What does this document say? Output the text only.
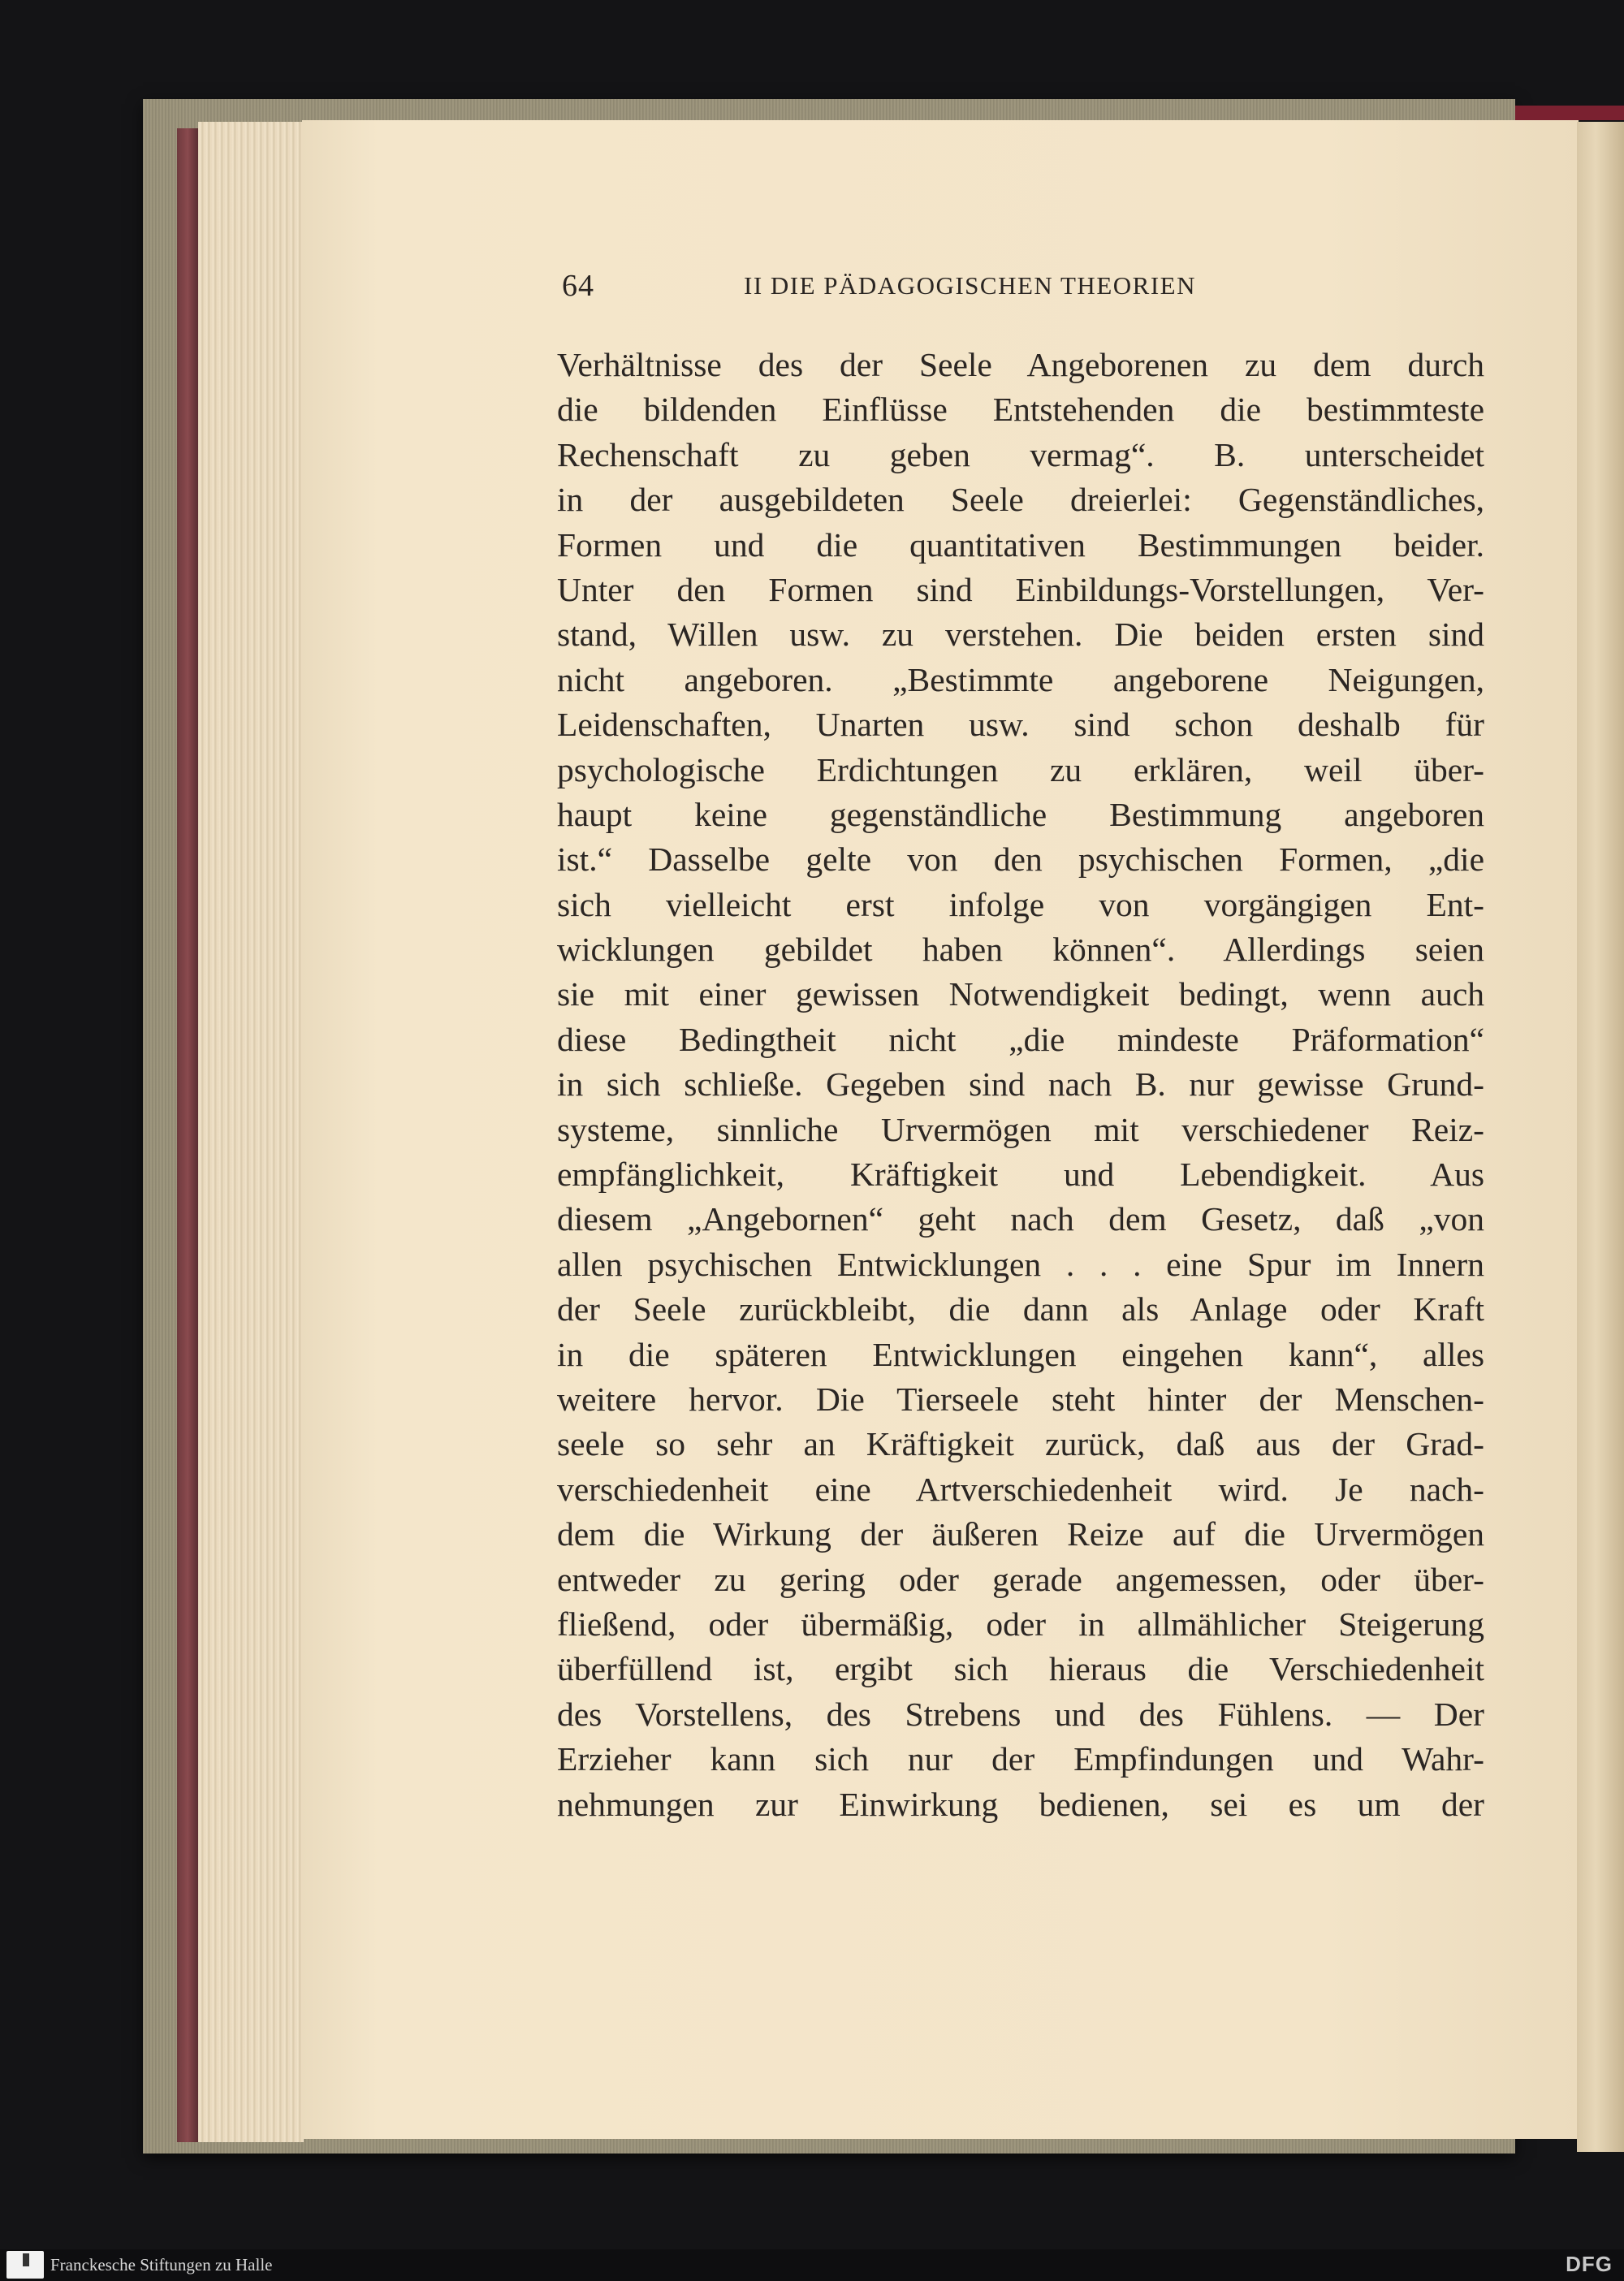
64	II DIE PÄDAGOGISCHEN THEORIEN
Verhältnisse des der Seele Angeborenen zu dem durch
die bildenden Einflüsse Entstehenden die bestimmteste
Rechenschaft zu geben vermag“. B. unterscheidet
in der ausgebildeten Seele dreierlei: Gegenständliches,
Formen und die quantitativen Bestimmungen beider.
Unter den Formen sind Einbildungs-Vorstellungen, Ver-
stand, Willen usw. zu verstehen. Die beiden ersten sind
nicht angeboren. „Bestimmte angeborene Neigungen,
Leidenschaften, Unarten usw. sind schon deshalb für
psychologische Erdichtungen zu erklären, weil über-
haupt keine gegenständliche Bestimmung angeboren
ist.“ Dasselbe gelte von den psychischen Formen, „die
sich vielleicht erst infolge von vorgängigen Ent-
wicklungen gebildet haben können“. Allerdings seien
sie mit einer gewissen Notwendigkeit bedingt, wenn auch
diese Bedingtheit nicht „die mindeste Präformation“
in sich schließe. Gegeben sind nach B. nur gewisse Grund-
systeme, sinnliche Urvermögen mit verschiedener Reiz-
empfänglichkeit, Kräftigkeit und Lebendigkeit. Aus
diesem „Angebornen“ geht nach dem Gesetz, daß „von
allen psychischen Entwicklungen . . . eine Spur im Innern
der Seele zurückbleibt, die dann als Anlage oder Kraft
in die späteren Entwicklungen eingehen kann“, alles
weitere hervor. Die Tierseele steht hinter der Menschen-
seele so sehr an Kräftigkeit zurück, daß aus der Grad-
verschiedenheit eine Artverschiedenheit wird. Je nach-
dem die Wirkung der äußeren Reize auf die Urvermögen
entweder zu gering oder gerade angemessen, oder über-
fließend, oder übermäßig, oder in allmählicher Steigerung
überfüllend ist, ergibt sich hieraus die Verschiedenheit
des Vorstellens, des Strebens und des Fühlens. — Der
Erzieher kann sich nur der Empfindungen und Wahr-
nehmungen zur Einwirkung bedienen, sei es um der
Franckesche Stiftungen zu Halle	DFG
